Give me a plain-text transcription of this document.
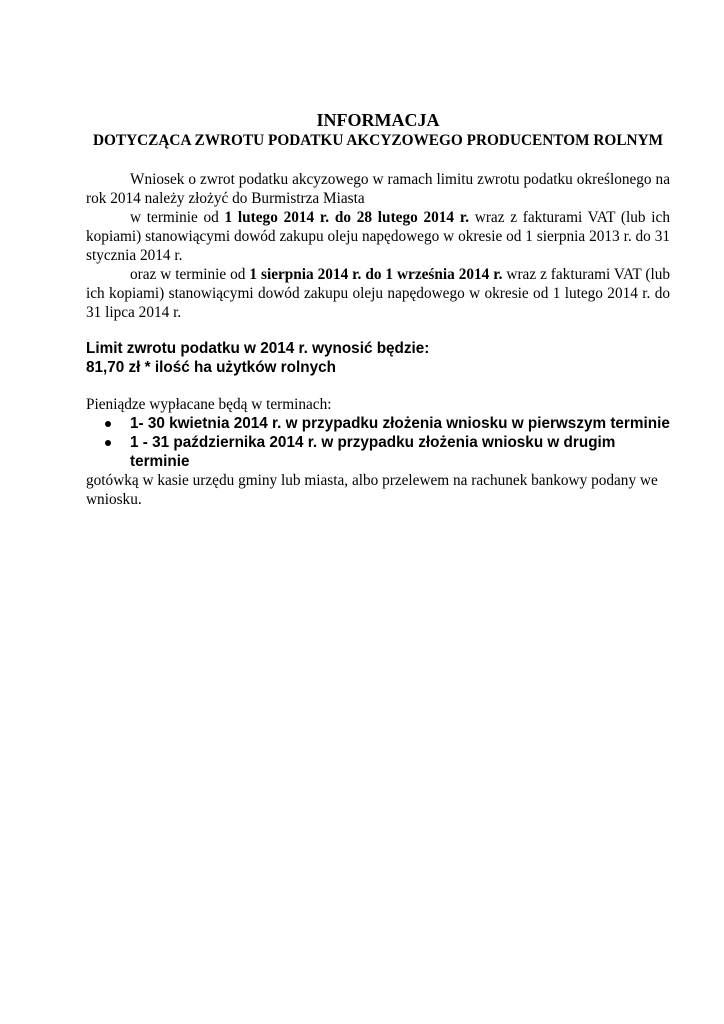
INFORMACJA

DOTYCZĄCA ZWROTU PODATKU AKCYZOWEGO PRODUCENTOM ROLNYM

Wniosek o zwrot podatku akcyzowego w ramach limitu zwrotu podatku określonego na rok 2014 należy złożyć do Burmistrza Miasta

w terminie od 1 lutego 2014 r. do 28 lutego 2014 r. wraz z fakturami VAT (lub ich kopiami) stanowiącymi dowód zakupu oleju napędowego w okresie od 1 sierpnia 2013 r. do 31 stycznia 2014 r.

oraz w terminie od 1 sierpnia 2014 r. do 1 września 2014 r. wraz z fakturami VAT (lub ich kopiami) stanowiącymi dowód zakupu oleju napędowego w okresie od 1 lutego 2014 r. do 31 lipca 2014 r.

Limit zwrotu podatku w 2014 r. wynosić będzie:

81,70 zł * ilość ha użytków rolnych

Pieniądze wypłacane będą w terminach:

1- 30 kwietnia 2014 r. w przypadku złożenia wniosku w pierwszym terminie
1 - 31 października 2014 r. w przypadku złożenia wniosku w drugim terminie

gotówką w kasie urzędu gminy lub miasta, albo przelewem na rachunek bankowy podany we wniosku.
